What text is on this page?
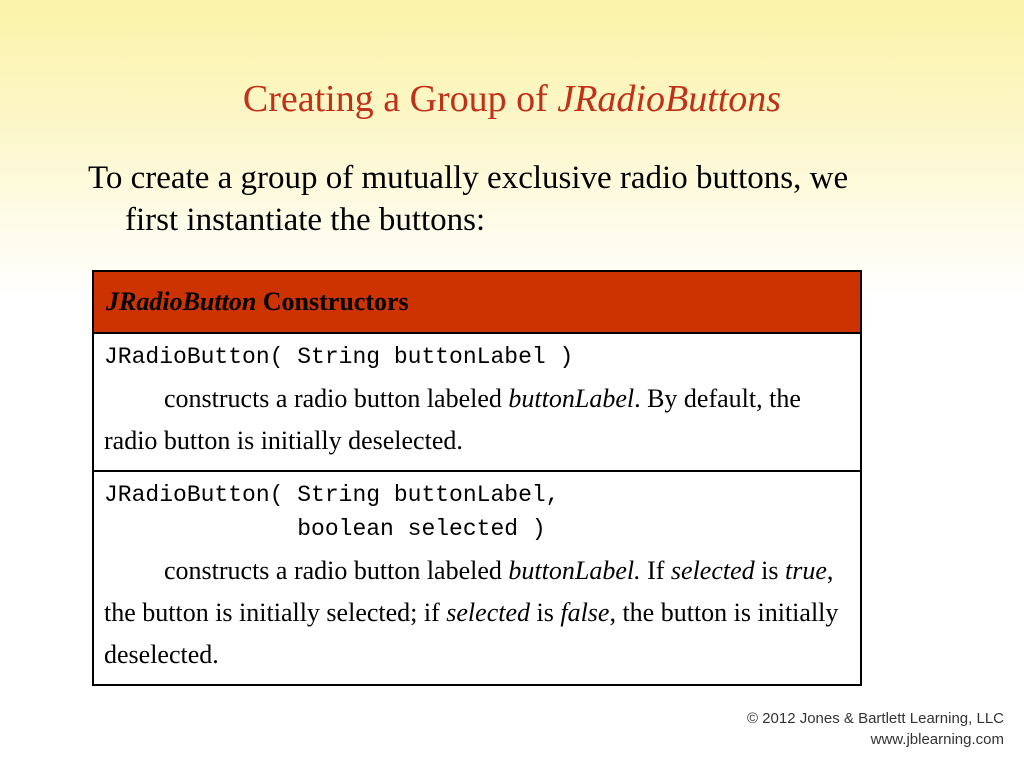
Creating a Group of JRadioButtons

To create a group of mutually exclusive radio buttons, we first instantiate the buttons:

JRadioButton Constructors

JRadioButton( String buttonLabel )
constructs a radio button labeled buttonLabel. By default, the radio button is initially deselected.

JRadioButton( String buttonLabel,
boolean selected )
constructs a radio button labeled buttonLabel. If selected is true, the button is initially selected; if selected is false, the button is initially deselected.
© 2012 Jones & Bartlett Learning, LLC
www.jblearning.com
